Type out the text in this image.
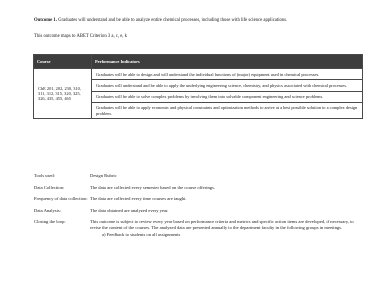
Outcome 1. Graduates will understand and be able to analyze entire chemical processes, including those with life science applications.
This outcome maps to ABET Criterion 3 a, c, e, k
Course	Performance Indicators
ChE 201, 202, 230, 310, 311, 312, 315, 320, 325, 326, 435, 455, 465	Graduates will be able to design and will understand the individual functions of (major) equipment used in chemical processes.
	Graduates will understand and be able to apply the underlying engineering science, chemistry, and physics associated with chemical processes.
	Graduates will be able to solve complex problems by involving them into solvable component engineering and science problems.
	Graduates will be able to apply economic and physical constraints and optimization methods to arrive at a best possible solution to a complex design problem.
Tools used:	Design Rubric
Data Collection:	The data are collected every semester based on the course offerings.
Frequency of data collection:	The data are collected every time courses are taught.
Data Analysis:	The data obtained are analyzed every year.
Closing the loop:	This outcome is subject to review every year based on performance criteria and metrics and specific action items are developed, if necessary, to revise the content of the courses. The analyzed data are presented annually to the department faculty in the following groups in meetings.
a) Feedback to students on all assignments
